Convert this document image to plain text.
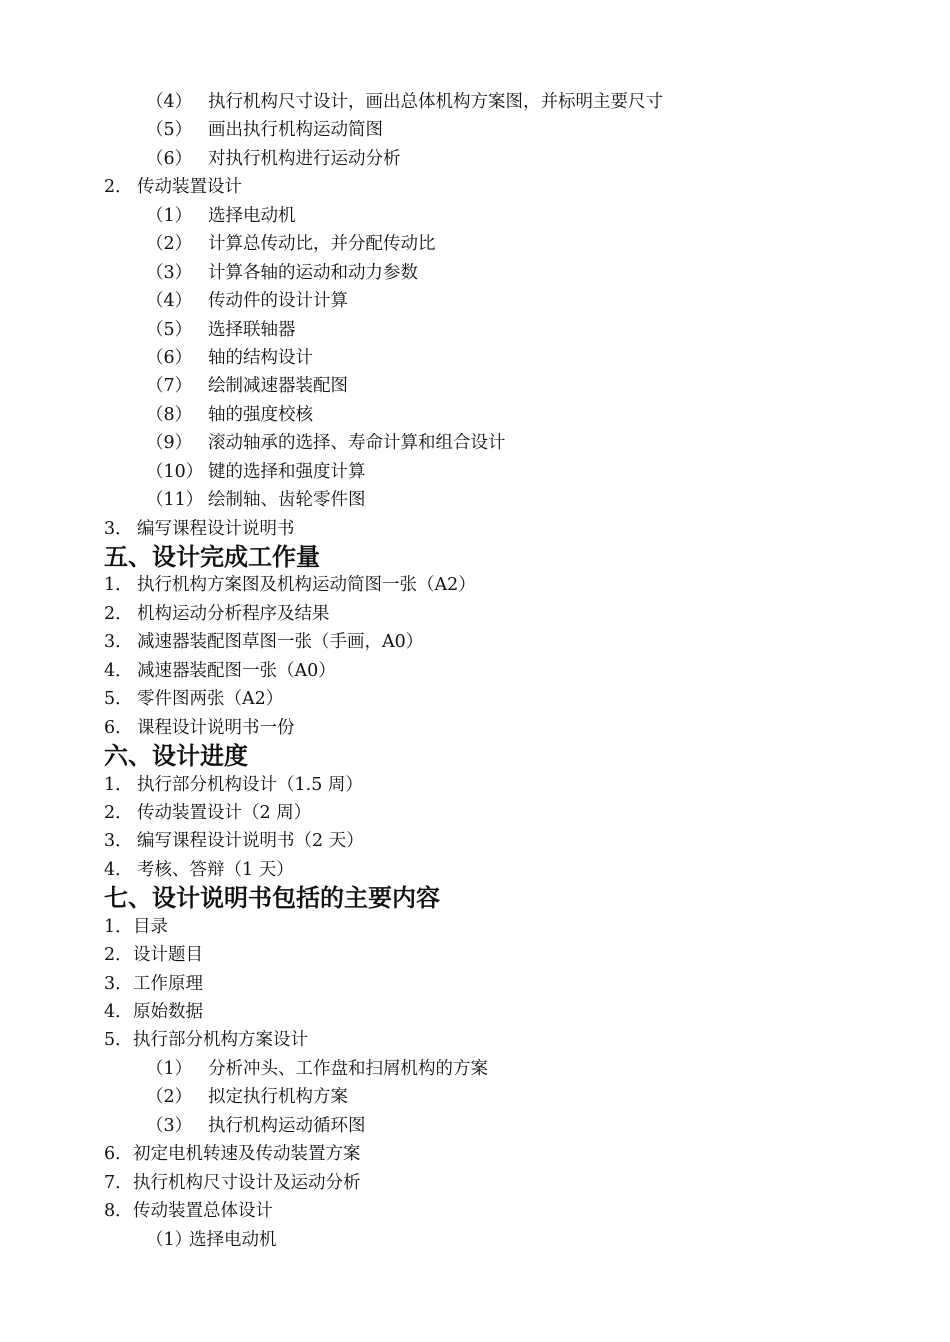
（4） 执行机构尺寸设计，画出总体机构方案图，并标明主要尺寸
（5） 画出执行机构运动简图
（6） 对执行机构进行运动分析
2． 传动装置设计
（1） 选择电动机
（2） 计算总传动比，并分配传动比
（3） 计算各轴的运动和动力参数
（4） 传动件的设计计算
（5） 选择联轴器
（6） 轴的结构设计
（7） 绘制减速器装配图
（8） 轴的强度校核
（9） 滚动轴承的选择、寿命计算和组合设计
（10） 键的选择和强度计算
（11） 绘制轴、齿轮零件图
3． 编写课程设计说明书
五、设计完成工作量
1． 执行机构方案图及机构运动简图一张（A2）
2． 机构运动分析程序及结果
3． 减速器装配图草图一张（手画，A0）
4． 减速器装配图一张（A0）
5． 零件图两张（A2）
6． 课程设计说明书一份
六、设计进度
1． 执行部分机构设计（1.5 周）
2． 传动装置设计（2 周）
3． 编写课程设计说明书（2 天）
4． 考核、答辩（1 天）
七、设计说明书包括的主要内容
1． 目录
2． 设计题目
3． 工作原理
4． 原始数据
5． 执行部分机构方案设计
（1） 分析冲头、工作盘和扫屑机构的方案
（2） 拟定执行机构方案
（3） 执行机构运动循环图
6． 初定电机转速及传动装置方案
7． 执行机构尺寸设计及运动分析
8． 传动装置总体设计
（1）
选择电动机
